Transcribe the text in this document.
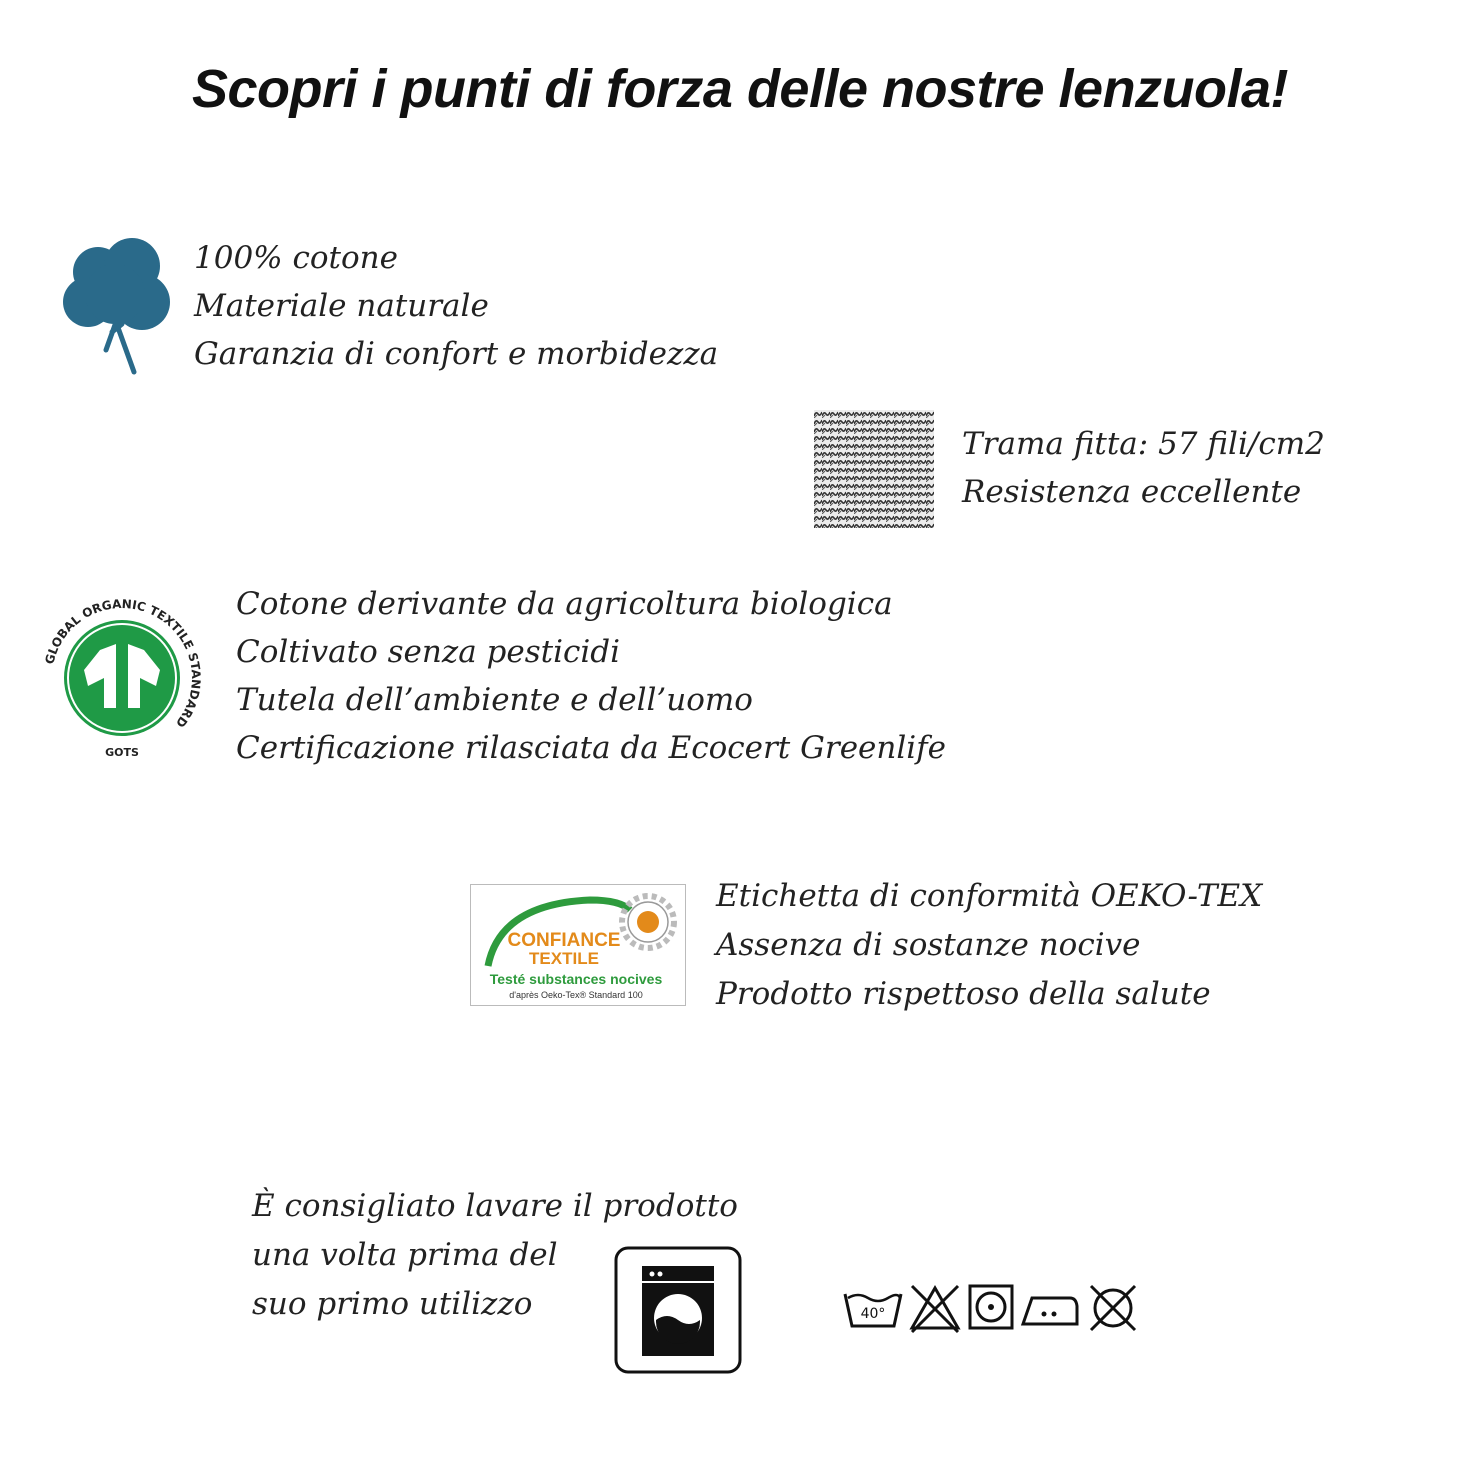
Scopri i punti di forza delle nostre lenzuola!
100% cotone
Materiale naturale
Garanzia di confort e morbidezza
Trama fitta: 57 fili/cm2
Resistenza eccellente
GLOBAL ORGANIC TEXTILE STANDARD
GOTS
Cotone derivante da agricoltura biologica
Coltivato senza pesticidi
Tutela dell’ambiente e dell’uomo
Certificazione rilasciata da Ecocert Greenlife
CONFIANCE
TEXTILE
Testé substances nocives
d'après Oeko-Tex® Standard 100
Etichetta di conformità OEKO-TEX
Assenza di sostanze nocive
Prodotto rispettoso della salute
È consigliato lavare il prodotto
una volta prima del
suo primo utilizzo	40°
